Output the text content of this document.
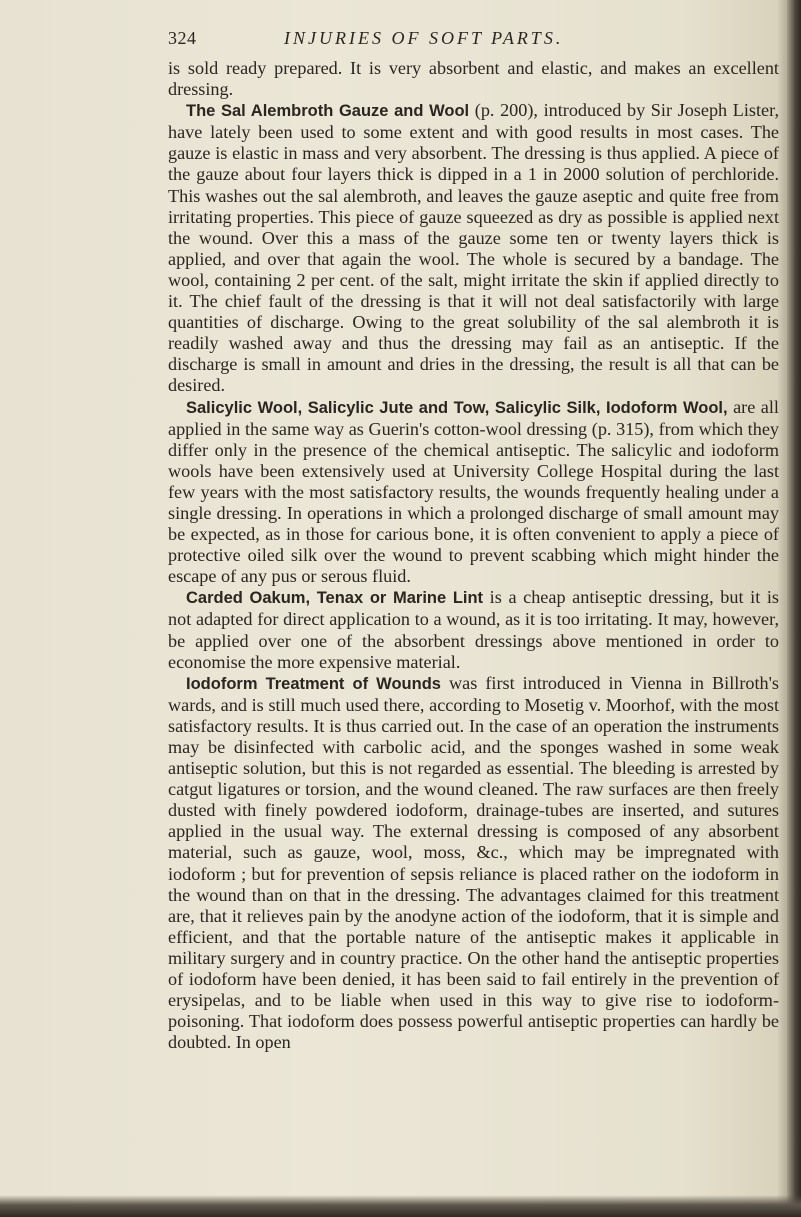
324	INJURIES OF SOFT PARTS.

is sold ready prepared. It is very absorbent and elastic, and makes an excellent dressing.

The Sal Alembroth Gauze and Wool (p. 200), introduced by Sir Joseph Lister, have lately been used to some extent and with good results in most cases. The gauze is elastic in mass and very absorbent. The dressing is thus applied. A piece of the gauze about four layers thick is dipped in a 1 in 2000 solution of perchloride. This washes out the sal alembroth, and leaves the gauze aseptic and quite free from irritating properties. This piece of gauze squeezed as dry as possible is applied next the wound. Over this a mass of the gauze some ten or twenty layers thick is applied, and over that again the wool. The whole is secured by a bandage. The wool, containing 2 per cent. of the salt, might irritate the skin if applied directly to it. The chief fault of the dressing is that it will not deal satisfactorily with large quantities of discharge. Owing to the great solubility of the sal alembroth it is readily washed away and thus the dressing may fail as an antiseptic. If the discharge is small in amount and dries in the dressing, the result is all that can be desired.

Salicylic Wool, Salicylic Jute and Tow, Salicylic Silk, Iodoform Wool, are all applied in the same way as Guerin's cotton-wool dressing (p. 315), from which they differ only in the presence of the chemical antiseptic. The salicylic and iodoform wools have been extensively used at University College Hospital during the last few years with the most satisfactory results, the wounds frequently healing under a single dressing. In operations in which a prolonged discharge of small amount may be expected, as in those for carious bone, it is often convenient to apply a piece of protective oiled silk over the wound to prevent scabbing which might hinder the escape of any pus or serous fluid.

Carded Oakum, Tenax or Marine Lint is a cheap antiseptic dressing, but it is not adapted for direct application to a wound, as it is too irritating. It may, however, be applied over one of the absorbent dressings above mentioned in order to economise the more expensive material.

Iodoform Treatment of Wounds was first introduced in Vienna in Billroth's wards, and is still much used there, according to Mosetig v. Moorhof, with the most satisfactory results. It is thus carried out. In the case of an operation the instruments may be disinfected with carbolic acid, and the sponges washed in some weak antiseptic solution, but this is not regarded as essential. The bleeding is arrested by catgut ligatures or torsion, and the wound cleaned. The raw surfaces are then freely dusted with finely powdered iodoform, drainage-tubes are inserted, and sutures applied in the usual way. The external dressing is composed of any absorbent material, such as gauze, wool, moss, &c., which may be impregnated with iodoform ; but for prevention of sepsis reliance is placed rather on the iodoform in the wound than on that in the dressing. The advantages claimed for this treatment are, that it relieves pain by the anodyne action of the iodoform, that it is simple and efficient, and that the portable nature of the antiseptic makes it applicable in military surgery and in country practice. On the other hand the antiseptic properties of iodoform have been denied, it has been said to fail entirely in the prevention of erysipelas, and to be liable when used in this way to give rise to iodoform-poisoning. That iodoform does possess powerful antiseptic properties can hardly be doubted. In open
